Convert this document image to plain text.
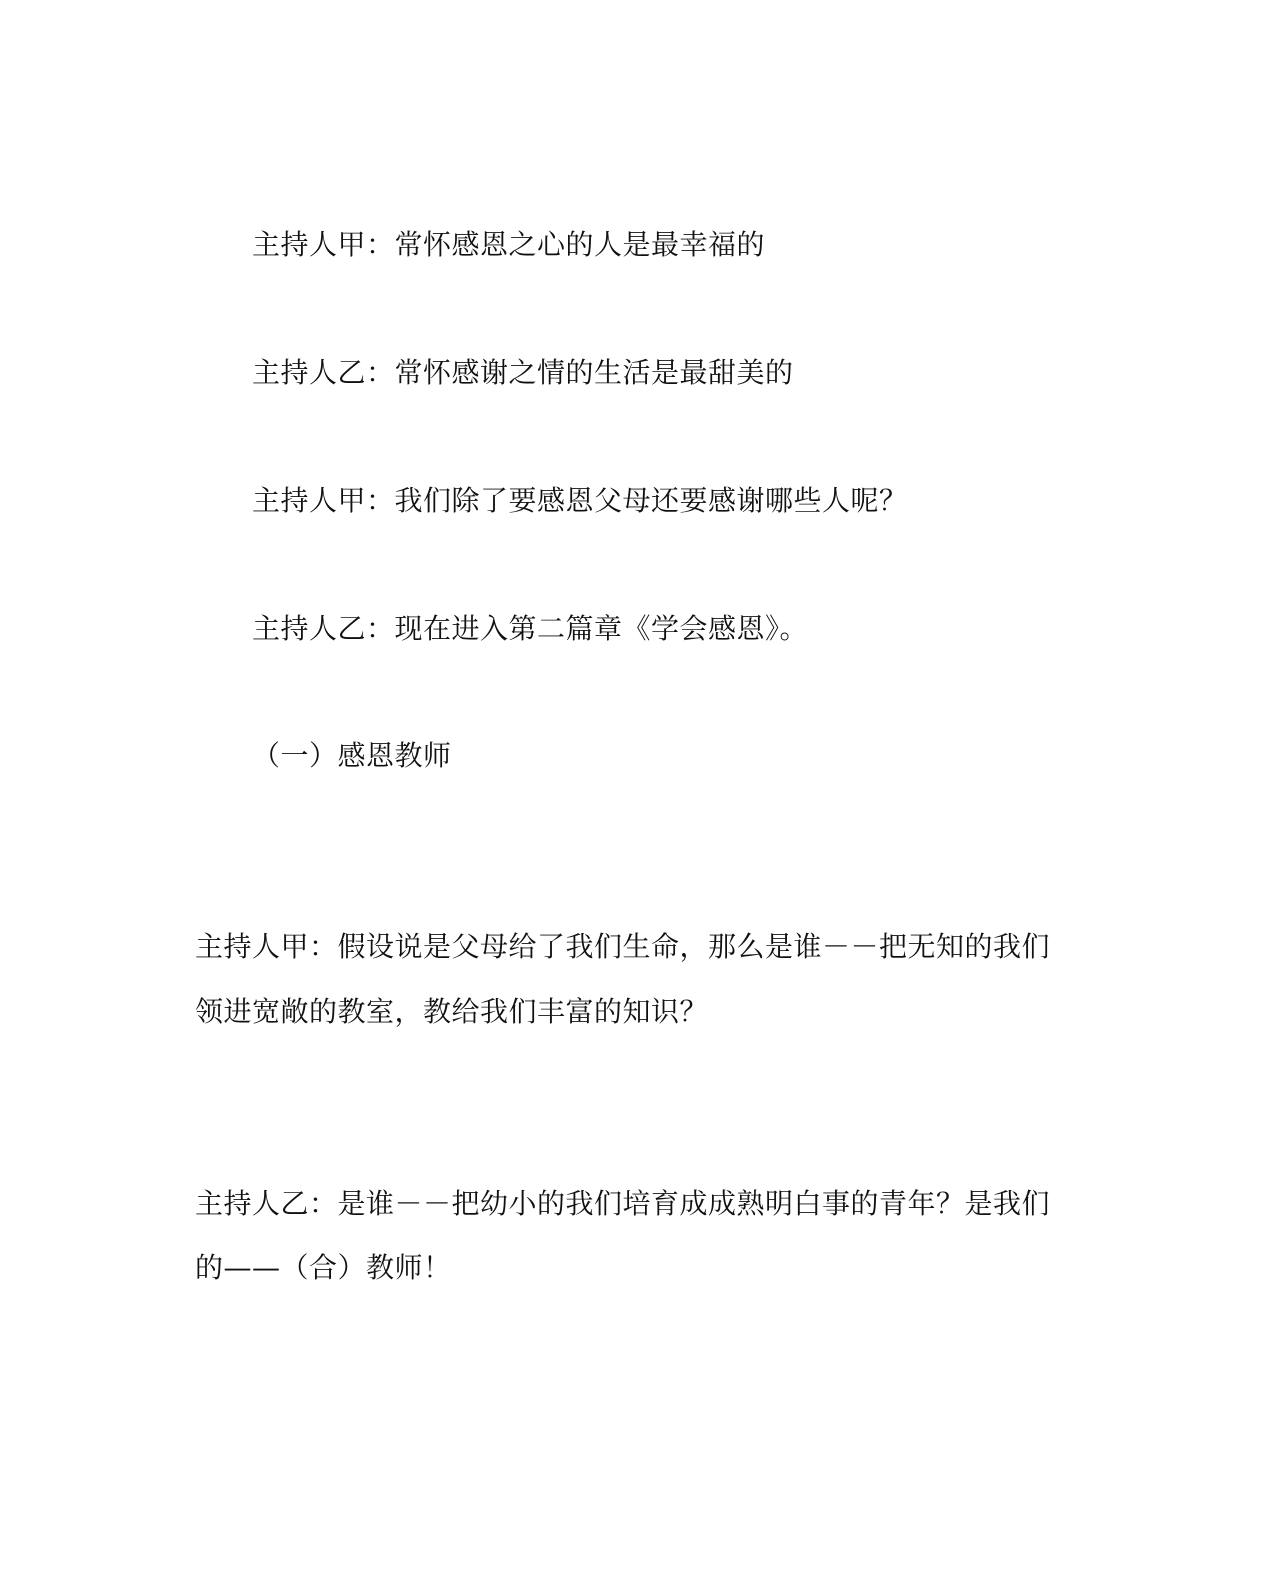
主持人甲：常怀感恩之心的人是最幸福的
主持人乙：常怀感谢之情的生活是最甜美的
主持人甲：我们除了要感恩父母还要感谢哪些人呢？
主持人乙：现在进入第二篇章《学会感恩》。
（一）感恩教师
主持人甲：假设说是父母给了我们生命，那么是谁－－把无知的我们
领进宽敞的教室，教给我们丰富的知识？
主持人乙：是谁－－把幼小的我们培育成成熟明白事的青年？是我们
的——（合）教师！
